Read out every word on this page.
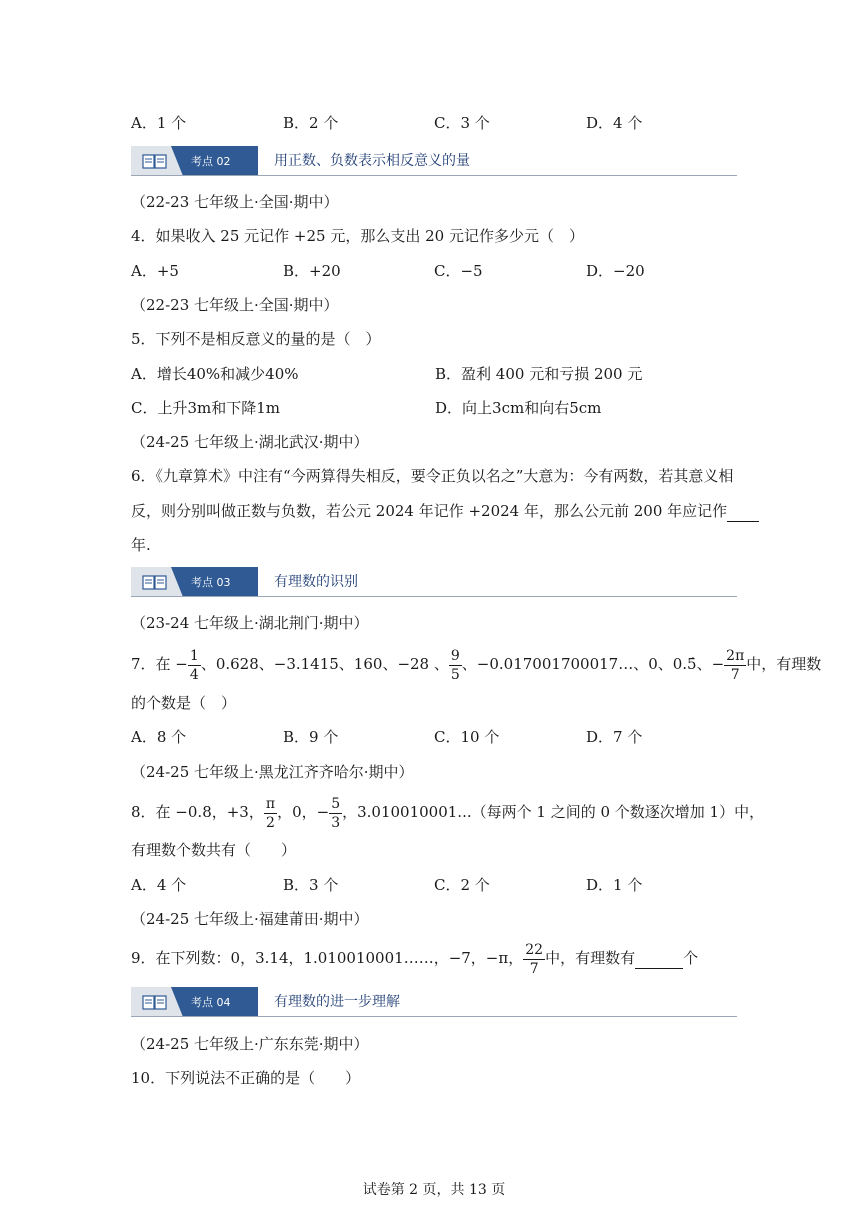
A．1 个	B．2 个	C．3 个	D．4 个
考点 02	用正数、负数表示相反意义的量
（22-23 七年级上·全国·期中）
4．如果收入 25 元记作 +25 元，那么支出 20 元记作多少元（　）
A．+5	B．+20	C．−5	D．−20
（22-23 七年级上·全国·期中）
5．下列不是相反意义的量的是（　）
A．增长40%和减少40%	B．盈利 400 元和亏损 200 元
C．上升3m和下降1m	D．向上3cm和向右5cm
（24-25 七年级上·湖北武汉·期中）
6．《九章算术》中注有“今两算得失相反，要令正负以名之”大意为：今有两数，若其意义相
反，则分别叫做正数与负数，若公元 2024 年记作 +2024 年，那么公元前 200 年应记作
年.
考点 03	有理数的识别
（23-24 七年级上·湖北荆门·期中）
7．在 − $\frac{1}{4}$ 、0.628、−3.1415、160、−28 、 $\frac{9}{5}$ 、−0.017001700017…、0、0.5̇、− $\frac{2\pi}{7}$ 中，有理数
的个数是（　）
A．8 个	B．9 个	C．10 个	D．7 个
（24-25 七年级上·黑龙江齐齐哈尔·期中）
8．在 −0.8，+3， $\frac{\pi}{2}$ ，0，− $\frac{5}{3}$ ，3.010010001...（每两个 1 之间的 0 个数逐次增加 1）中，
有理数个数共有（　　）
A．4 个	B．3 个	C．2 个	D．1 个
（24-25 七年级上·福建莆田·期中）
9．在下列数：0，3.14，1.010010001……，−7，−π， $\frac{22}{7}$ 中，有理数有	个
考点 04	有理数的进一步理解
（24-25 七年级上·广东东莞·期中）
10．下列说法不正确的是（　　）
试卷第 2 页，共 13 页
